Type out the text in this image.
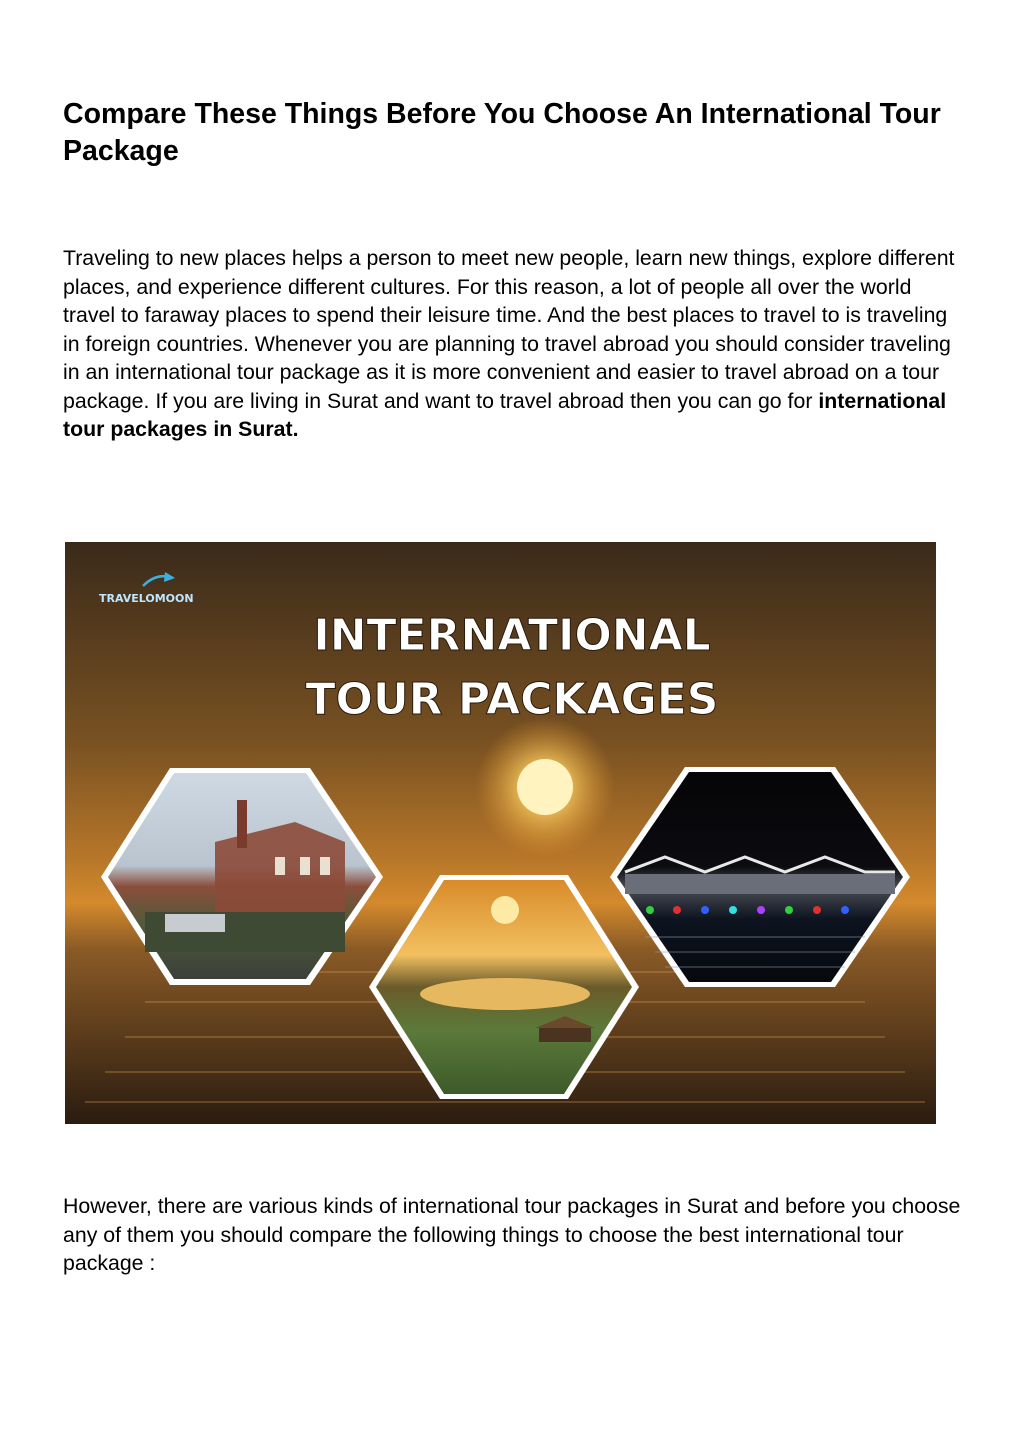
Compare These Things Before You Choose An International Tour Package

Traveling to new places helps a person to meet new people, learn new things, explore different places, and experience different cultures. For this reason, a lot of people all over the world travel to faraway places to spend their leisure time. And the best places to travel to is traveling in foreign countries. Whenever you are planning to travel abroad you should consider traveling in an international tour package as it is more convenient and easier to travel abroad on a tour package. If you are living in Surat and want to travel abroad then you can go for international tour packages in Surat.

TRAVELOMOON
INTERNATIONAL
TOUR PACKAGES

However, there are various kinds of international tour packages in Surat and before you choose any of them you should compare the following things to choose the best international tour package :
